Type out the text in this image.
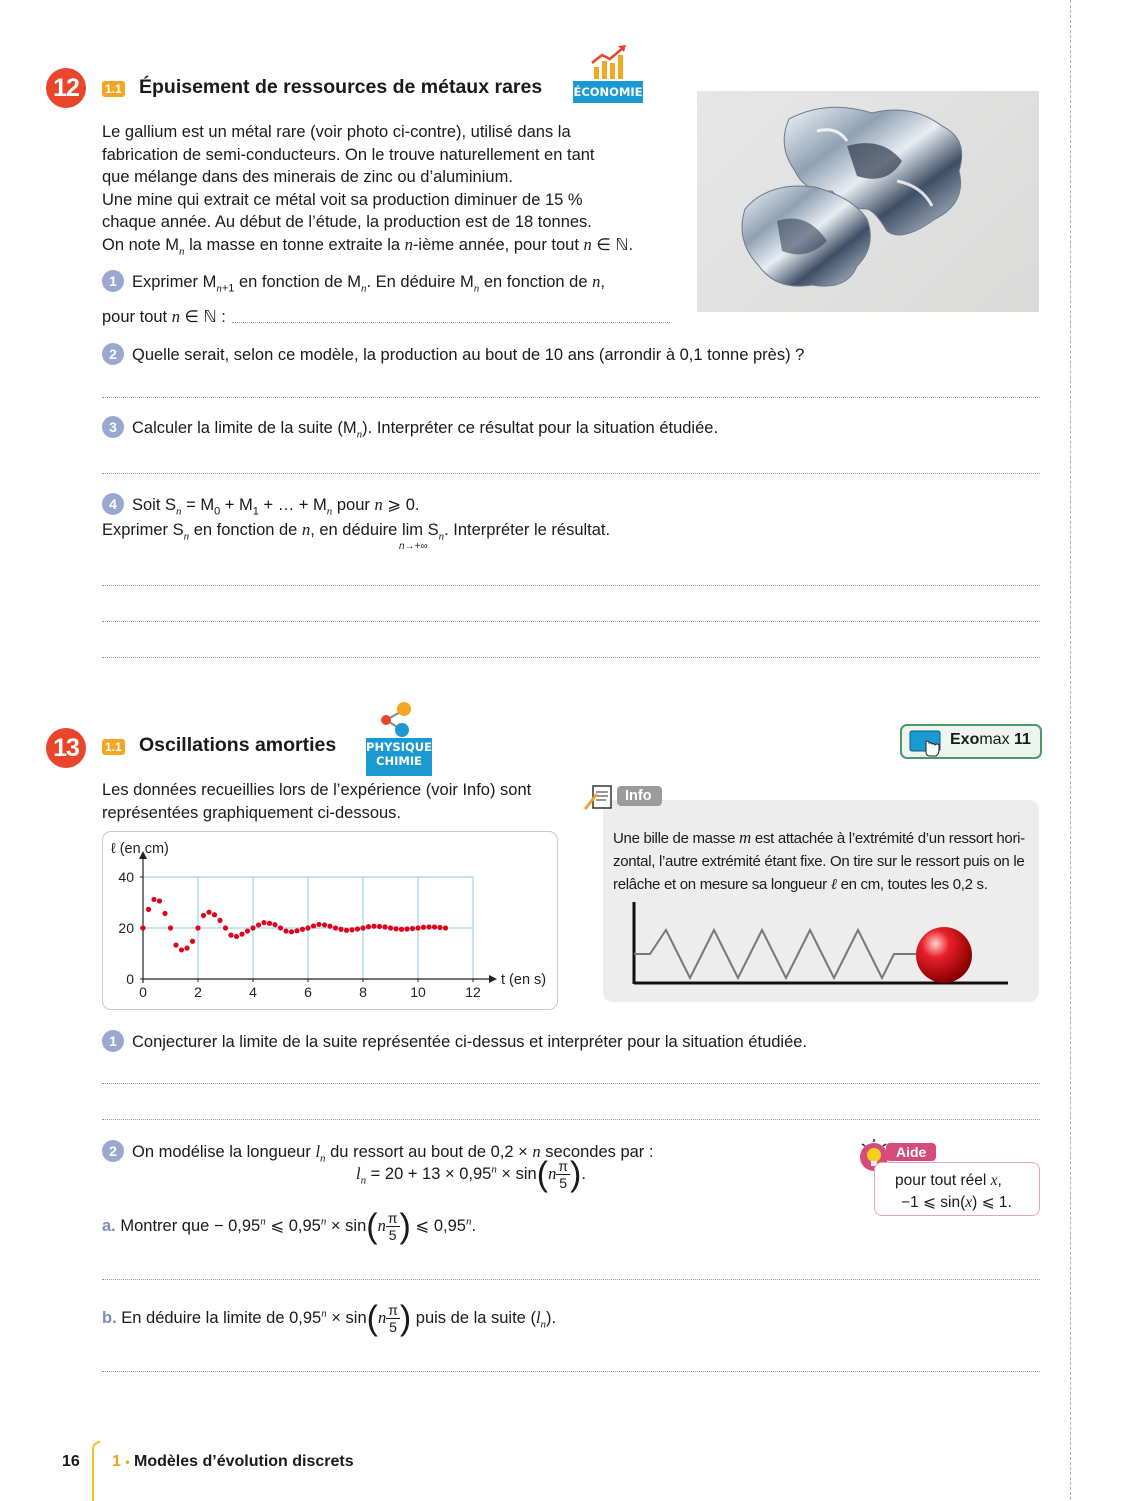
12	1.1 Épuisement de ressources de métaux rares	ÉCONOMIE
Le gallium est un métal rare (voir photo ci-contre), utilisé dans la
fabrication de semi-conducteurs. On le trouve naturellement en tant
que mélange dans des minerais de zinc ou d’aluminium.
Une mine qui extrait ce métal voit sa production diminuer de 15 %
chaque année. Au début de l’étude, la production est de 18 tonnes.
On note $M_n$ la masse en tonne extraite la n-ième année, pour tout n ∈ ℕ.
1 Exprimer $M_{n+1}$ en fonction de $M_n$. En déduire $M_n$ en fonction de n,
pour tout n ∈ ℕ :
2 Quelle serait, selon ce modèle, la production au bout de 10 ans (arrondir à 0,1 tonne près) ?
3 Calculer la limite de la suite $(M_n)$. Interpréter ce résultat pour la situation étudiée.
4 Soit $S_n = M_0 + M_1$ + … + $M_n$ pour n ⩾ 0.
Exprimer $S_n$ en fonction de n, en déduire lim
n→+∞
$S_n$. Interpréter le résultat.
13	1.1 Oscillations amorties	PHYSIQUE
CHIMIE
Exomax 11
Les données recueillies lors de l’expérience (voir Info) sont
représentées graphiquement ci-dessous.
0	2	4	6	8	10	12
0
20
40
ℓ (en cm)
t (en s)
Info
Une bille de masse m est attachée à l’extrémité d’un ressort hori-
zontal, l’autre extrémité étant fixe. On tire sur le ressort puis on le
relâche et on mesure sa longueur ℓ en cm, toutes les 0,2 s.
1 Conjecturer la limite de la suite représentée ci-dessus et interpréter pour la situation étudiée.
2 On modélise la longueur $l_n$ du ressort au bout de 0,2 × n secondes par :
$l_n = 20 + 13 \times 0,95^n \times \sin(n \frac{\pi}{5}$ ).
Aide
pour tout réel x,
−1 ⩽ sin(x) ⩽ 1.
a. Montrer que − $0,95^n$ ⩽ $0,95^n \times \sin(n \frac{\pi}{5}$ ) ⩽ 0,95$^n$.
b. En déduire la limite de $0,95^n \times \sin(n \frac{\pi}{5}$ ) puis de la suite $(l_n)$.
16 1 • Modèles d’évolution discrets
